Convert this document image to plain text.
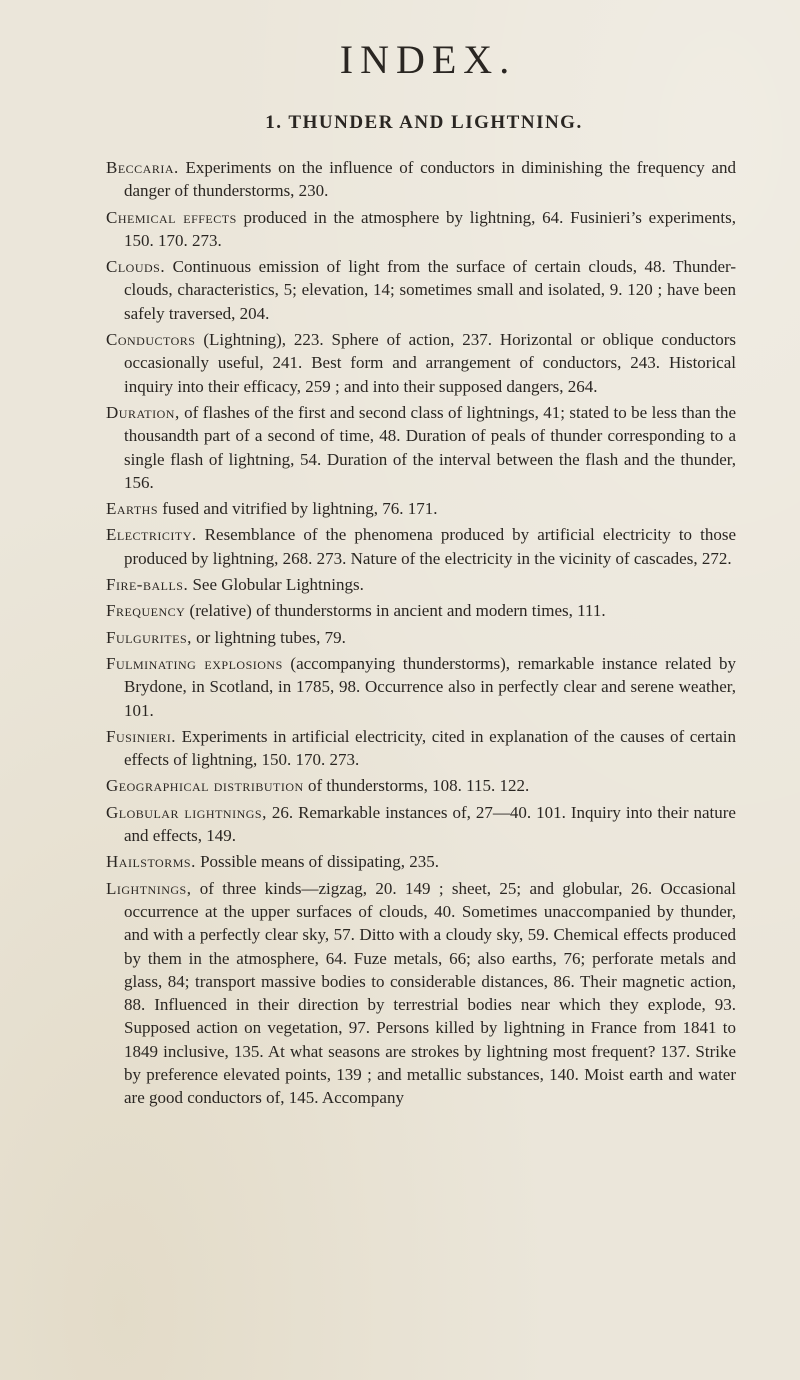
INDEX.
1. THUNDER AND LIGHTNING.

Beccaria. Experiments on the influence of conductors in diminishing the frequency and danger of thunderstorms, 230.

Chemical effects produced in the atmosphere by lightning, 64. Fusinieri’s experiments, 150. 170. 273.

Clouds. Continuous emission of light from the surface of certain clouds, 48. Thunder-clouds, characteristics, 5; elevation, 14; sometimes small and isolated, 9. 120 ; have been safely traversed, 204.

Conductors (Lightning), 223. Sphere of action, 237. Horizontal or oblique conductors occasionally useful, 241. Best form and arrangement of conductors, 243. Historical inquiry into their efficacy, 259 ; and into their supposed dangers, 264.

Duration, of flashes of the first and second class of lightnings, 41; stated to be less than the thousandth part of a second of time, 48. Duration of peals of thunder corresponding to a single flash of lightning, 54. Duration of the interval between the flash and the thunder, 156.

Earths fused and vitrified by lightning, 76. 171.

Electricity. Resemblance of the phenomena produced by artificial electricity to those produced by lightning, 268. 273. Nature of the electricity in the vicinity of cascades, 272.

Fire-balls. See Globular Lightnings.

Frequency (relative) of thunderstorms in ancient and modern times, 111.

Fulgurites, or lightning tubes, 79.

Fulminating explosions (accompanying thunderstorms), remarkable instance related by Brydone, in Scotland, in 1785, 98. Occurrence also in perfectly clear and serene weather, 101.

Fusinieri. Experiments in artificial electricity, cited in explanation of the causes of certain effects of lightning, 150. 170. 273.

Geographical distribution of thunderstorms, 108. 115. 122.

Globular lightnings, 26. Remarkable instances of, 27—40. 101. Inquiry into their nature and effects, 149.

Hailstorms. Possible means of dissipating, 235.

Lightnings, of three kinds—zigzag, 20. 149 ; sheet, 25; and globular, 26. Occasional occurrence at the upper surfaces of clouds, 40. Sometimes unaccompanied by thunder, and with a perfectly clear sky, 57. Ditto with a cloudy sky, 59. Chemical effects produced by them in the atmosphere, 64. Fuze metals, 66; also earths, 76; perforate metals and glass, 84; transport massive bodies to considerable distances, 86. Their magnetic action, 88. Influenced in their direction by terrestrial bodies near which they explode, 93. Supposed action on vegetation, 97. Persons killed by lightning in France from 1841 to 1849 inclusive, 135. At what seasons are strokes by lightning most frequent? 137. Strike by preference elevated points, 139 ; and metallic substances, 140. Moist earth and water are good conductors of, 145. Accompany
